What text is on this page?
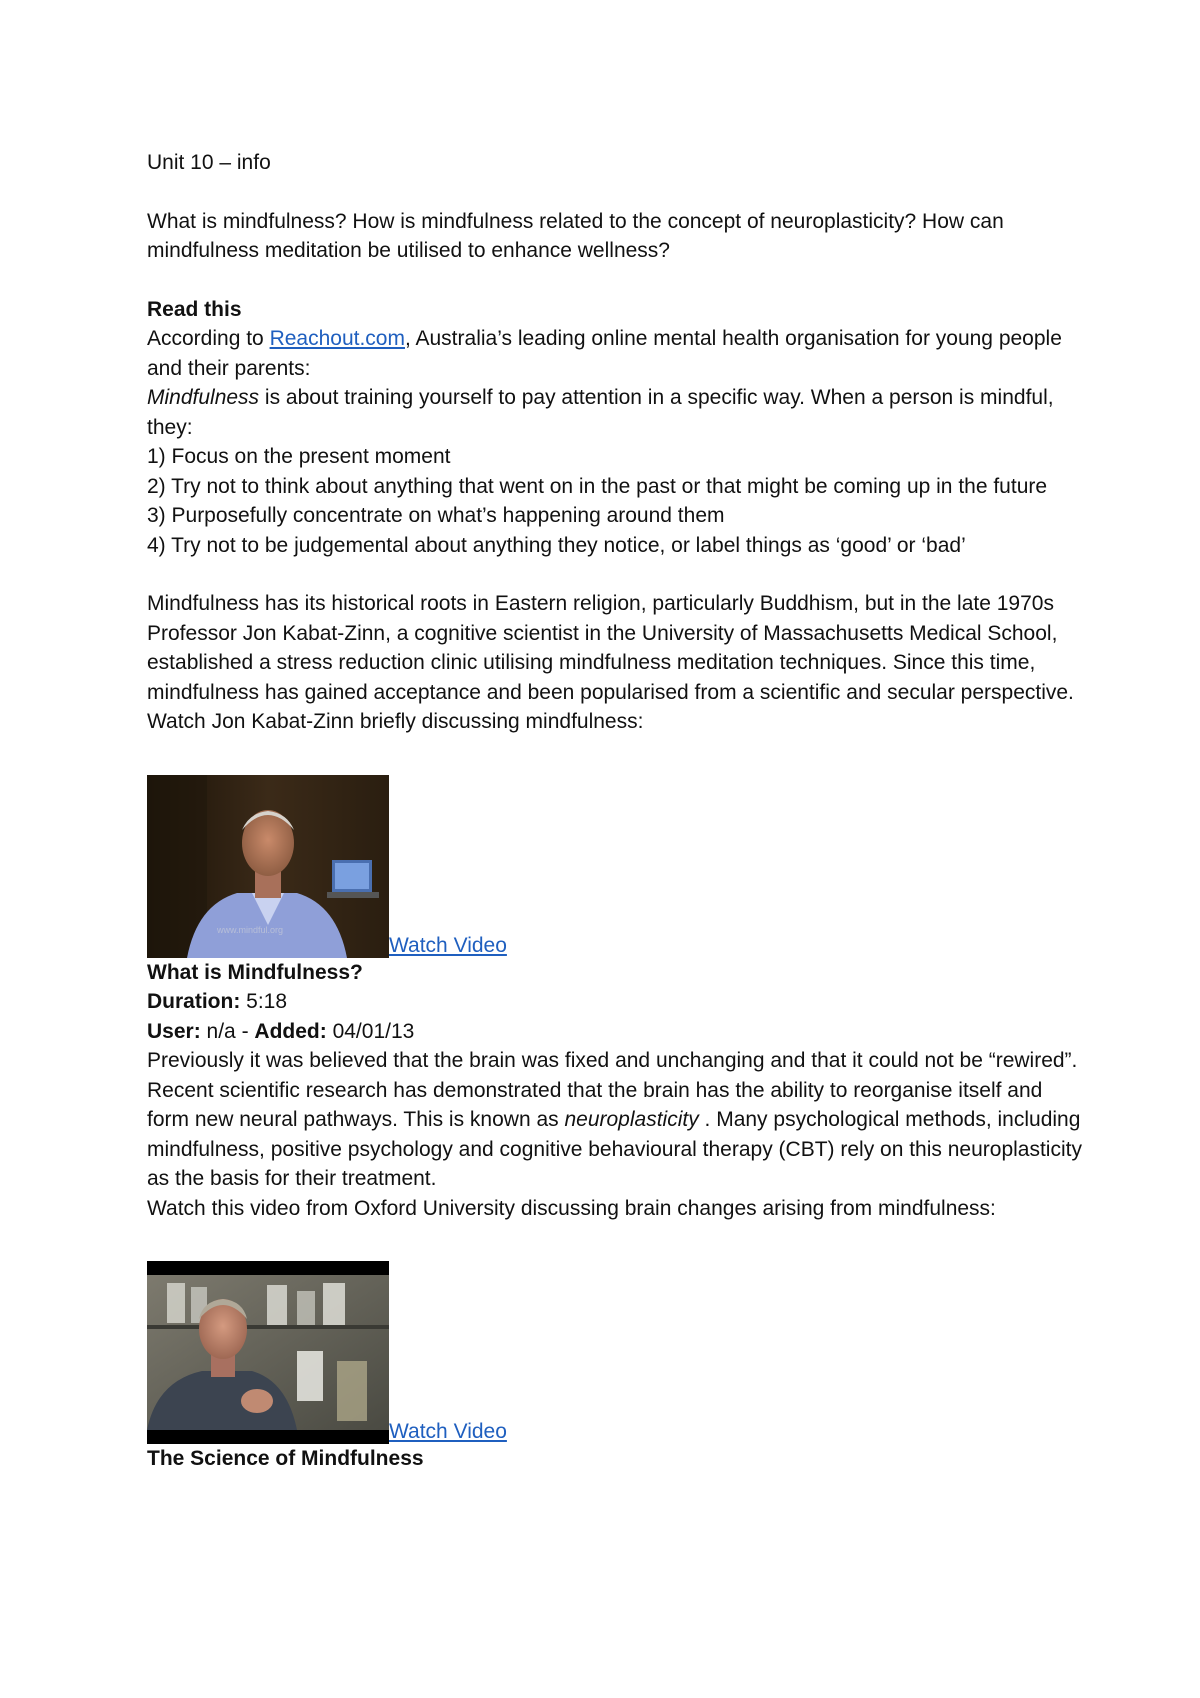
Unit 10 – info

What is mindfulness? How is mindfulness related to the concept of neuroplasticity? How can mindfulness meditation be utilised to enhance wellness?

Read this

According to Reachout.com, Australia’s leading online mental health organisation for young people and their parents:

Mindfulness is about training yourself to pay attention in a specific way. When a person is mindful, they:

1) Focus on the present moment

2) Try not to think about anything that went on in the past or that might be coming up in the future

3) Purposefully concentrate on what’s happening around them

4) Try not to be judgemental about anything they notice, or label things as ‘good’ or ‘bad’

Mindfulness has its historical roots in Eastern religion, particularly Buddhism, but in the late 1970s Professor Jon Kabat-Zinn, a cognitive scientist in the University of Massachusetts Medical School, established a stress reduction clinic utilising mindfulness meditation techniques. Since this time, mindfulness has gained acceptance and been popularised from a scientific and secular perspective.

Watch Jon Kabat-Zinn briefly discussing mindfulness:

www.mindful.org
Watch Video

What is Mindfulness?

Duration: 5:18

User: n/a - Added: 04/01/13

Previously it was believed that the brain was fixed and unchanging and that it could not be “rewired”. Recent scientific research has demonstrated that the brain has the ability to reorganise itself and form new neural pathways. This is known as neuroplasticity . Many psychological methods, including mindfulness, positive psychology and cognitive behavioural therapy (CBT) rely on this neuroplasticity as the basis for their treatment.

Watch this video from Oxford University discussing brain changes arising from mindfulness:

Watch Video

The Science of Mindfulness
